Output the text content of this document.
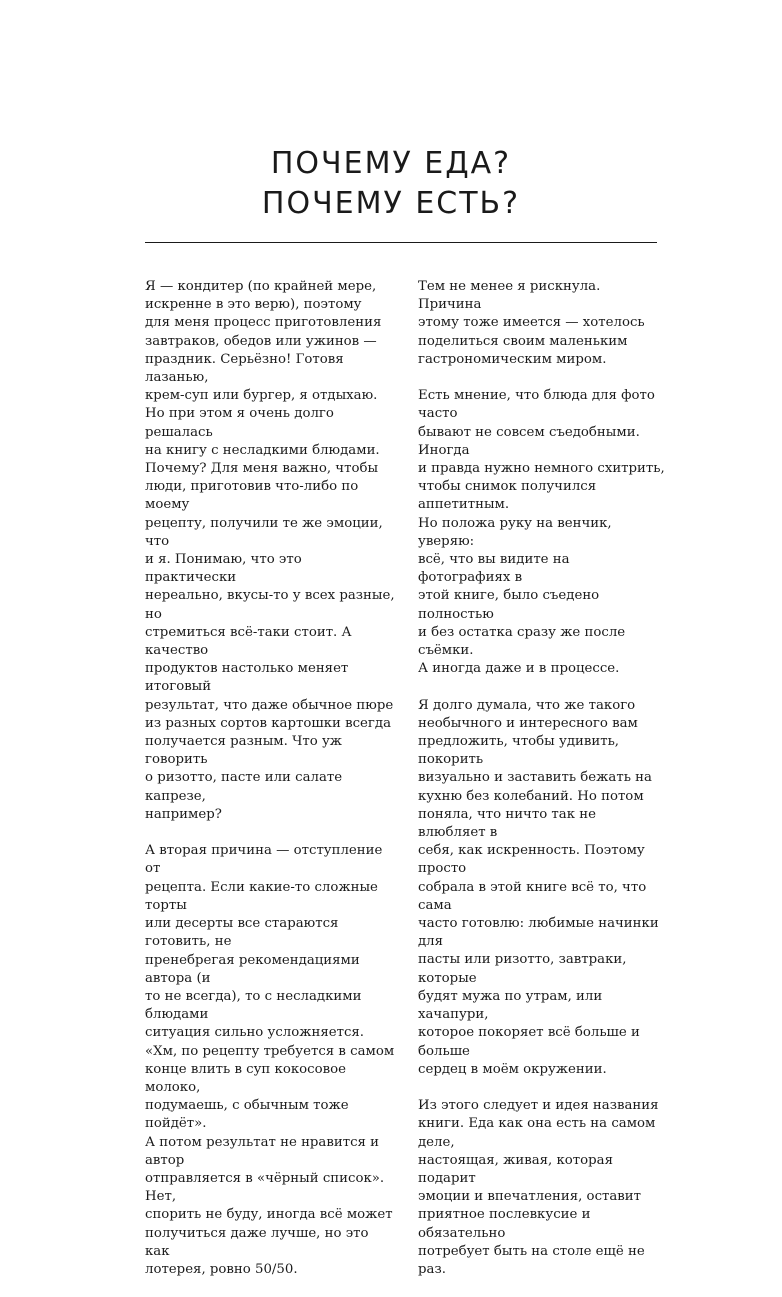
ПОЧЕМУ ЕДА?
ПОЧЕМУ ЕСТЬ?

Я — кондитер (по крайней мере,
искренне в это верю), поэтому
для меня процесс приготовления
завтраков, обедов или ужинов —
праздник. Серьёзно! Готовя лазанью,
крем-суп или бургер, я отдыхаю.
Но при этом я очень долго решалась
на книгу с несладкими блюдами.
Почему? Для меня важно, чтобы
люди, приготовив что-либо по моему
рецепту, получили те же эмоции, что
и я. Понимаю, что это практически
нереально, вкусы-то у всех разные, но
стремиться всё-таки стоит. А качество
продуктов настолько меняет итоговый
результат, что даже обычное пюре
из разных сортов картошки всегда
получается разным. Что уж говорить
о ризотто, пасте или салате капрезе,
например?

А вторая причина — отступление от
рецепта. Если какие-то сложные торты
или десерты все стараются готовить, не
пренебрегая рекомендациями автора (и
то не всегда), то с несладкими блюдами
ситуация сильно усложняется.
«Хм, по рецепту требуется в самом
конце влить в суп кокосовое молоко,
подумаешь, с обычным тоже пойдёт».
А потом результат не нравится и автор
отправляется в «чёрный список». Нет,
спорить не буду, иногда всё может
получиться даже лучше, но это как
лотерея, ровно 50/50.

Тем не менее я рискнула. Причина
этому тоже имеется — хотелось
поделиться своим маленьким
гастрономическим миром.

Есть мнение, что блюда для фото часто
бывают не совсем съедобными. Иногда
и правда нужно немного схитрить,
чтобы снимок получился аппетитным.
Но положа руку на венчик, уверяю:
всё, что вы видите на фотографиях в
этой книге, было съедено полностью
и без остатка сразу же после съёмки.
А иногда даже и в процессе.

Я долго думала, что же такого
необычного и интересного вам
предложить, чтобы удивить, покорить
визуально и заставить бежать на
кухню без колебаний. Но потом
поняла, что ничто так не влюбляет в
себя, как искренность. Поэтому просто
собрала в этой книге всё то, что сама
часто готовлю: любимые начинки для
пасты или ризотто, завтраки, которые
будят мужа по утрам, или хачапури,
которое покоряет всё больше и больше
сердец в моём окружении.

Из этого следует и идея названия
книги. Еда как она есть на самом деле,
настоящая, живая, которая подарит
эмоции и впечатления, оставит
приятное послевкусие и обязательно
потребует быть на столе ещё не раз.
